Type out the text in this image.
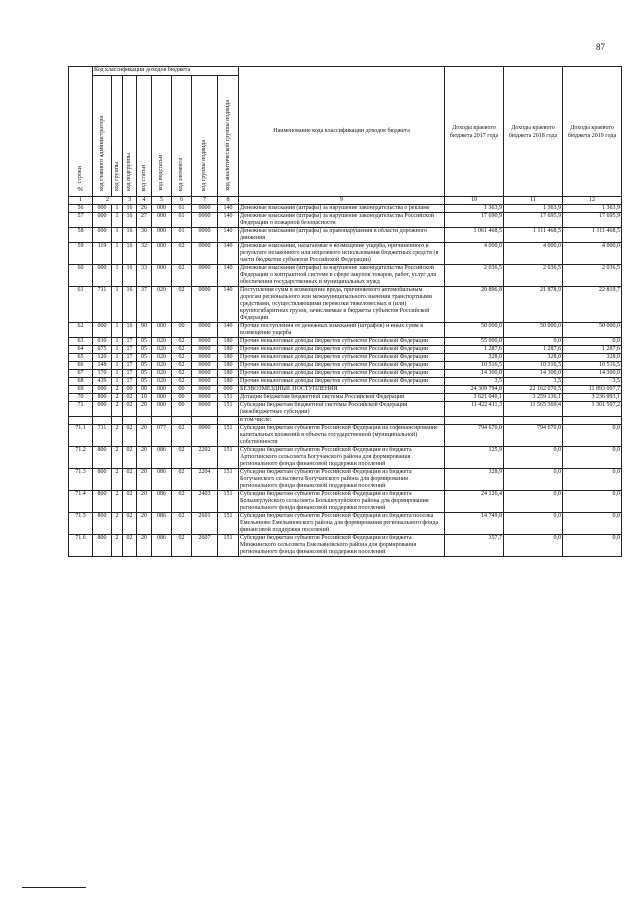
87
№ строки	Код классификации доходов бюджета								Наименование кода классификации доходов бюджета	Доходы краевого бюджета 2017 года	Доходы краевого бюджета 2018 года	Доходы краевого бюджета 2019 года
	код главного администратора	код группы	код подгруппы	код статьи	код подстатьи	код элемента	код группы подвида	код аналитической группы подвида				
1	2		3	4	5	6	7	8	9	10	11	12
56	000	1	16	26	000	01	0000	140	Денежные взыскания (штрафы) за нарушение законодательства о рекламе	1 363,9	1 363,9	1 363,9
57	000	1	16	27	000	01	0000	140	Денежные взыскания (штрафы) за нарушение законодательства Российской Федерации о пожарной безопасности	17 690,9	17 695,9	17 695,9
58	000	1	16	30	000	01	0000	140	Денежные взыскания (штрафы) за правонарушения в области дорожного движения	1 061 468,5	1 111 468,5	1 111 468,5
59	119	1	16	32	000	02	0000	140	Денежные взыскания, налагаемые в возмещение ущерба, причиненного в результате незаконного или нецелевого использования бюджетных средств (в части бюджетов субъектов Российской Федерации)	4 000,0	4 000,0	4 000,0
60	000	1	16	33	000	02	0000	140	Денежные взыскания (штрафы) за нарушение законодательства Российской Федерации о контрактной системе в сфере закупок товаров, работ, услуг для обеспечения государственных и муниципальных нужд	2 036,5	2 036,5	2 036,5
61	711	1	16	37	020	02	0000	140	Поступления сумм в возмещение вреда, причиняемого автомобильным дорогам регионального или межмуниципального значения транспортными средствами, осуществляющими перевозки тяжеловесных и (или) крупногабаритных грузов, зачисляемые в бюджеты субъектов Российской Федерации	20 896,8	21 878,9	22 819,7
62	000	1	16	90	000	00	0000	140	Прочие поступления от денежных взысканий (штрафов) и иных сумм в возмещение ущерба	50 000,0	50 000,0	50 000,0
63	030	1	17	05	020	02	0000	180	Прочие неналоговые доходы бюджетов субъектов Российской Федерации	55 000,0	0,0	0,0
64	075	1	17	05	020	02	0000	180	Прочие неналоговые доходы бюджетов субъектов Российской Федерации	1 287,6	1 287,6	1 287,6
65	120	1	17	05	020	02	0000	180	Прочие неналоговые доходы бюджетов субъектов Российской Федерации	328,0	328,0	328,0
66	148	1	17	05	020	02	0000	180	Прочие неналоговые доходы бюджетов субъектов Российской Федерации	10 516,5	10 316,5	10 516,5
67	170	1	17	05	020	02	0000	180	Прочие неналоговые доходы бюджетов субъектов Российской Федерации	14 300,0	14 300,0	14 300,0
68	439	1	17	05	020	02	0000	180	Прочие неналоговые доходы бюджетов субъектов Российской Федерации	3,5	3,5	3,5
69	000	2	00	00	000	00	0000	000	БЕЗВОЗМЕЗДНЫЕ ПОСТУПЛЕНИЯ	24 309 794,8	22 162 070,5	11 893 097,7
70	800	2	02	10	000	00	0000	151	Дотации бюджетам бюджетной системы Российской Федерации	3 621 040,1	3 259 136,1	3 236 993,1
71	000	2	02	20	000	00	0000	151	Субсидии бюджетам бюджетной системы Российской Федерации (межбюджетные субсидии)	11 422 411,3	11 565 369,4	1 301 597,2
									в том числе:			
71.1	711	2	02	20	077	02	0000	151	Субсидии бюджетам субъектов Российской Федерации на софинансирование капитальных вложений в объекты государственной (муниципальной) собственности	794 670,0	794 670,0	0,0
71.2	800	2	02	20	086	02	2202	151	Субсидии бюджетам субъектов Российской Федерации из бюджета Артюгинского сельсовета Богучанского района для формирования регионального фонда финансовой поддержки поселений	125,9	0,0	0,0
71.3	800	2	02	20	086	02	2204	151	Субсидии бюджетам субъектов Российской Федерации из бюджета Богучанского сельсовета Богучанского района для формирования регионального фонда финансовой поддержки поселений	328,9	0,0	0,0
71.4	800	2	02	20	086	02	2403	151	Субсидии бюджетам субъектов Российской Федерации из бюджета Большеулуйского сельсовета Большеулуйского района для формирования регионального фонда финансовой поддержки поселений	24 126,4	0,0	0,0
71.5	800	2	02	20	086	02	2601	151	Субсидии бюджетам субъектов Российской Федерации из бюджета поселка Емельяново Емельяновского района для формирования регионального фонда финансовой поддержки поселений	14 749,8	0,0	0,0
71.6	800	2	02	20	086	02	2607	151	Субсидии бюджетам субъектов Российской Федерации из бюджета Минжинского сельсовета Емельяновского района для формирования регионального фонда финансовой поддержки поселений	357,7	0,0	0,0
